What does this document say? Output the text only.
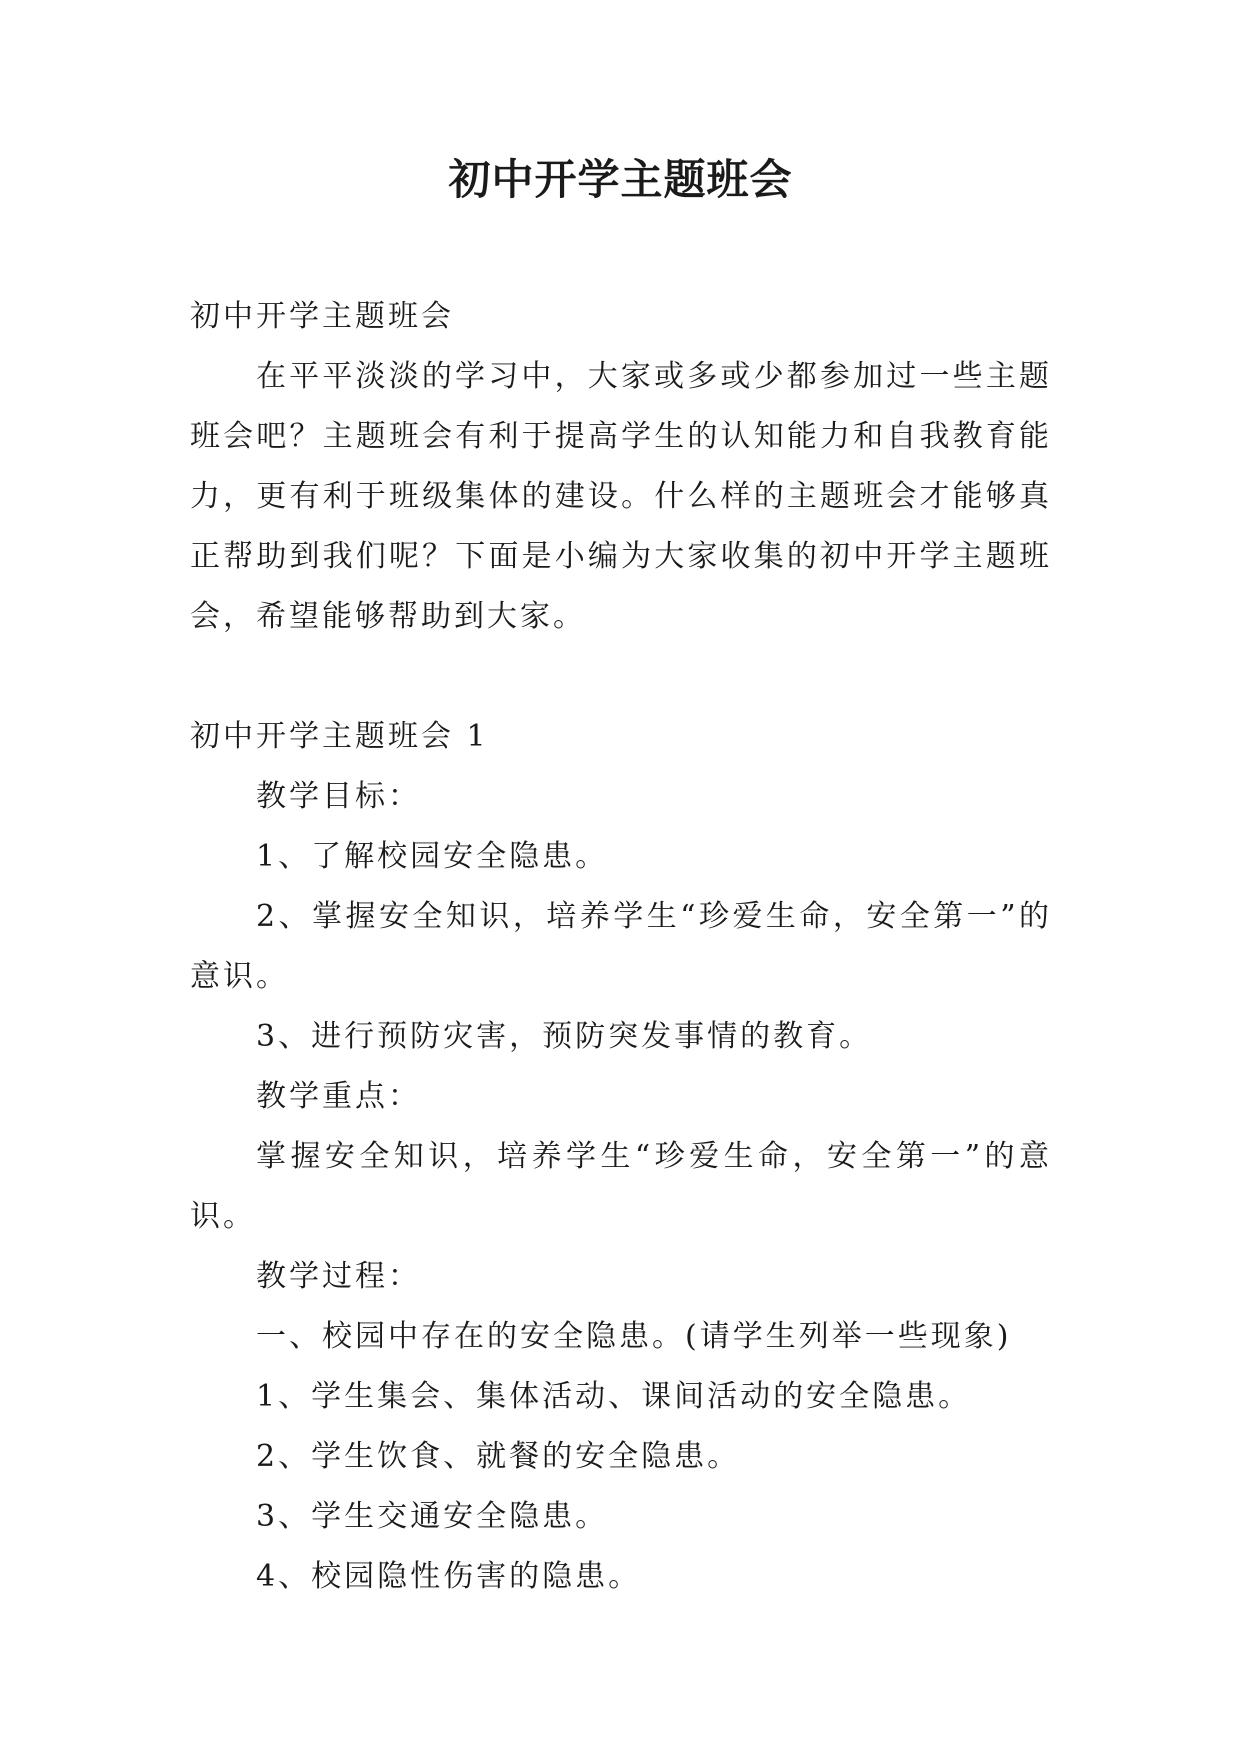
初中开学主题班会

初中开学主题班会

在平平淡淡的学习中，大家或多或少都参加过一些主题班会吧？主题班会有利于提高学生的认知能力和自我教育能力，更有利于班级集体的建设。什么样的主题班会才能够真正帮助到我们呢？下面是小编为大家收集的初中开学主题班会，希望能够帮助到大家。

初中开学主题班会 1

教学目标：

1、了解校园安全隐患。

2、掌握安全知识，培养学生“珍爱生命，安全第一”的意识。

3、进行预防灾害，预防突发事情的教育。

教学重点：

掌握安全知识，培养学生“珍爱生命，安全第一”的意识。

教学过程：

一、校园中存在的安全隐患。(请学生列举一些现象)

1、学生集会、集体活动、课间活动的安全隐患。

2、学生饮食、就餐的安全隐患。

3、学生交通安全隐患。

4、校园隐性伤害的隐患。
